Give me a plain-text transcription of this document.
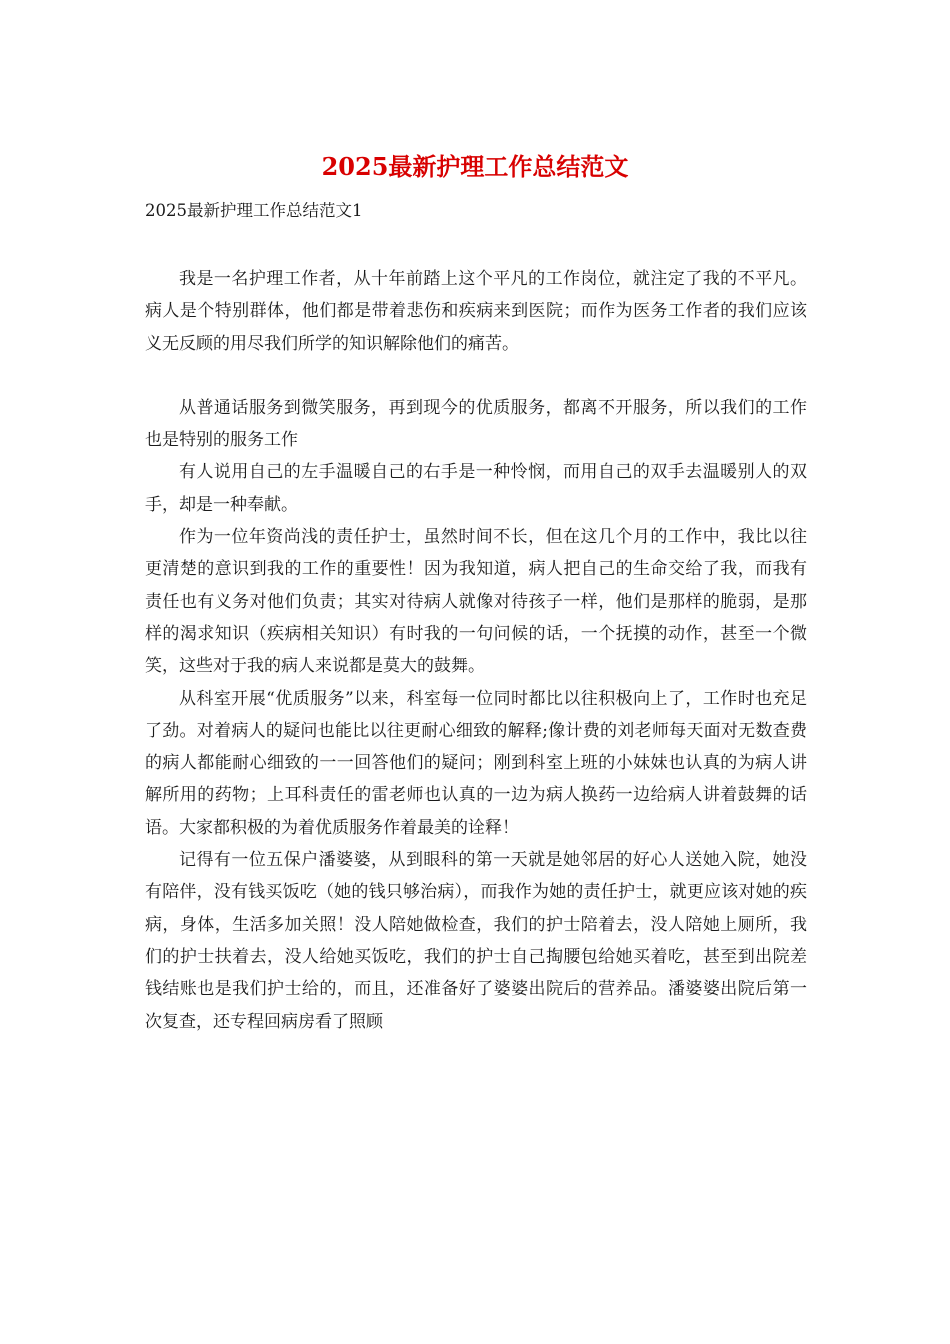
2025最新护理工作总结范文
2025最新护理工作总结范文1

我是一名护理工作者，从十年前踏上这个平凡的工作岗位，就注定了我的不平凡。病人是个特别群体，他们都是带着悲伤和疾病来到医院；而作为医务工作者的我们应该义无反顾的用尽我们所学的知识解除他们的痛苦。

从普通话服务到微笑服务，再到现今的优质服务，都离不开服务，所以我们的工作也是特别的服务工作

有人说用自己的左手温暖自己的右手是一种怜悯，而用自己的双手去温暖别人的双手，却是一种奉献。

作为一位年资尚浅的责任护士，虽然时间不长，但在这几个月的工作中，我比以往更清楚的意识到我的工作的重要性！因为我知道，病人把自己的生命交给了我，而我有责任也有义务对他们负责；其实对待病人就像对待孩子一样，他们是那样的脆弱，是那样的渴求知识（疾病相关知识）有时我的一句问候的话，一个抚摸的动作，甚至一个微笑，这些对于我的病人来说都是莫大的鼓舞。

从科室开展“优质服务”以来，科室每一位同时都比以往积极向上了，工作时也充足了劲。对着病人的疑问也能比以往更耐心细致的解释;像计费的刘老师每天面对无数查费的病人都能耐心细致的一一回答他们的疑问；刚到科室上班的小妹妹也认真的为病人讲解所用的药物；上耳科责任的雷老师也认真的一边为病人换药一边给病人讲着鼓舞的话语。大家都积极的为着优质服务作着最美的诠释！

记得有一位五保户潘婆婆，从到眼科的第一天就是她邻居的好心人送她入院，她没有陪伴，没有钱买饭吃（她的钱只够治病），而我作为她的责任护士，就更应该对她的疾病，身体，生活多加关照！没人陪她做检查，我们的护士陪着去，没人陪她上厕所，我们的护士扶着去，没人给她买饭吃，我们的护士自己掏腰包给她买着吃，甚至到出院差钱结账也是我们护士给的，而且，还准备好了婆婆出院后的营养品。潘婆婆出院后第一次复查，还专程回病房看了照顾
